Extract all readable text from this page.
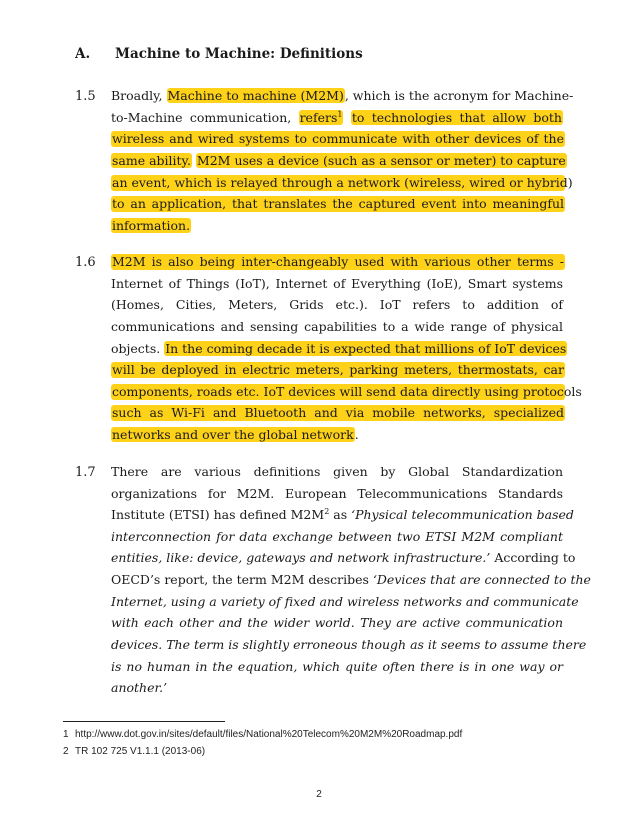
A. Machine to Machine: Definitions
1.5 Broadly, Machine to machine (M2M), which is the acronym for Machine-
to-Machine communication, refers$^1$ to technologies that allow both
wireless and wired systems to communicate with other devices of the
same ability. M2M uses a device (such as a sensor or meter) to capture
an event, which is relayed through a network (wireless, wired or hybrid)
to an application, that translates the captured event into meaningful
information.
1.6 M2M is also being inter-changeably used with various other terms -
Internet of Things (IoT), Internet of Everything (IoE), Smart systems
(Homes, Cities, Meters, Grids etc.). IoT refers to addition of
communications and sensing capabilities to a wide range of physical
objects. In the coming decade it is expected that millions of IoT devices
will be deployed in electric meters, parking meters, thermostats, car
components, roads etc. IoT devices will send data directly using protocols
such as Wi-Fi and Bluetooth and via mobile networks, specialized
networks and over the global network.
1.7 There are various definitions given by Global Standardization
organizations for M2M. European Telecommunications Standards
Institute (ETSI) has defined $M2M^2$ as ‘Physical telecommunication based
interconnection for data exchange between two ETSI M2M compliant
entities, like: device, gateways and network infrastructure.’ According to
OECD’s report, the term M2M describes ‘Devices that are connected to the
Internet, using a variety of fixed and wireless networks and communicate
with each other and the wider world. They are active communication
devices. The term is slightly erroneous though as it seems to assume there
is no human in the equation, which quite often there is in one way or
another.’
1 http://www.dot.gov.in/sites/default/files/National%20Telecom%20M2M%20Roadmap.pdf
2 TR 102 725 V1.1.1 (2013-06)
2
